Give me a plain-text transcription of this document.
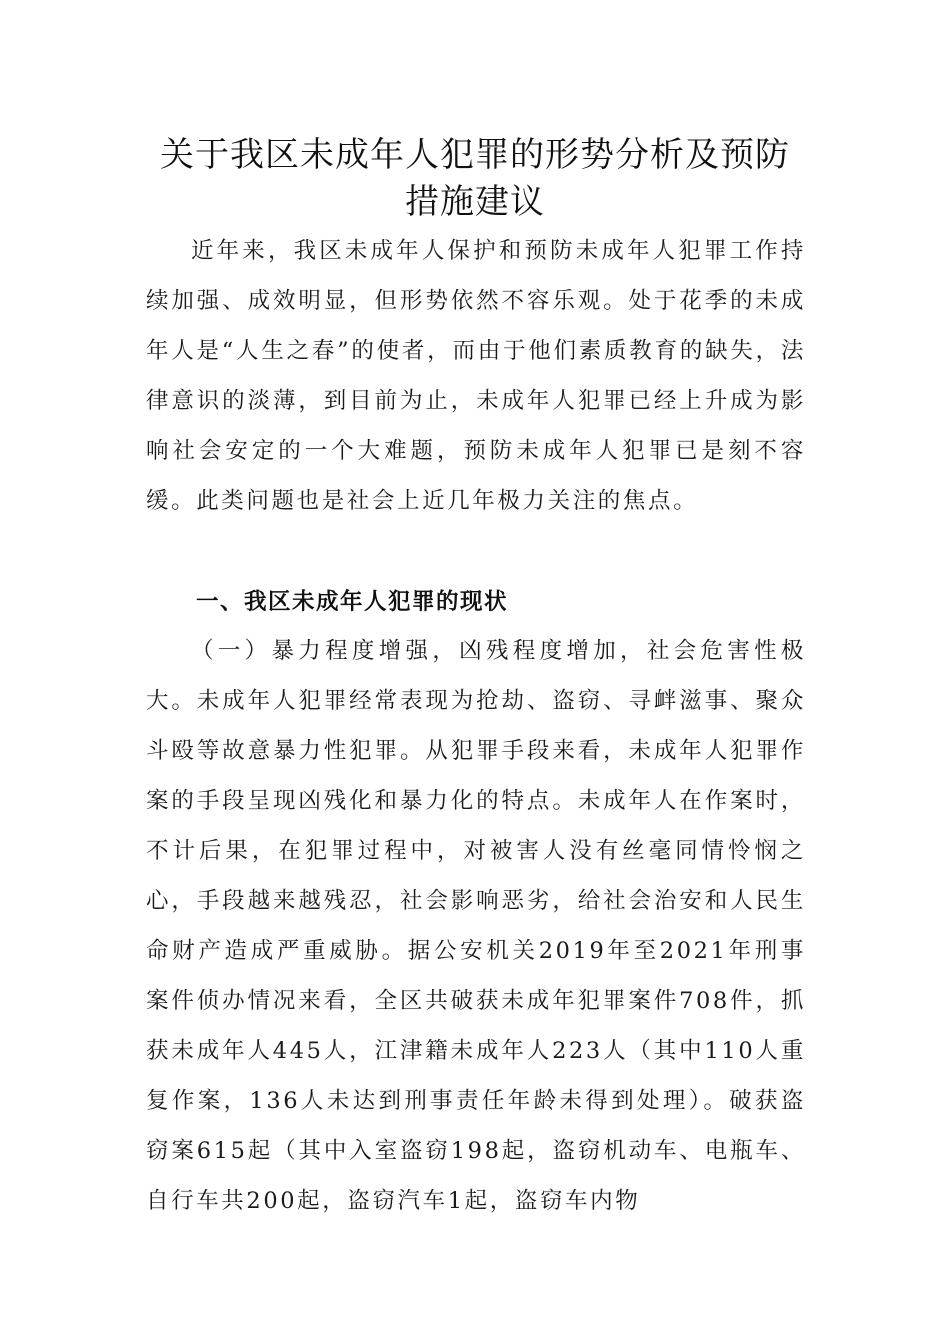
关于我区未成年人犯罪的形势分析及预防
措施建议

近年来，我区未成年人保护和预防未成年人犯罪工作持续加强、成效明显，但形势依然不容乐观。处于花季的未成年人是“人生之春”的使者，而由于他们素质教育的缺失，法律意识的淡薄，到目前为止，未成年人犯罪已经上升成为影响社会安定的一个大难题，预防未成年人犯罪已是刻不容缓。此类问题也是社会上近几年极力关注的焦点。

一、我区未成年人犯罪的现状

（一）暴力程度增强，凶残程度增加，社会危害性极大。未成年人犯罪经常表现为抢劫、盗窃、寻衅滋事、聚众斗殴等故意暴力性犯罪。从犯罪手段来看，未成年人犯罪作案的手段呈现凶残化和暴力化的特点。未成年人在作案时，不计后果，在犯罪过程中，对被害人没有丝毫同情怜悯之心，手段越来越残忍，社会影响恶劣，给社会治安和人民生命财产造成严重威胁。据公安机关2019年至2021年刑事案件侦办情况来看，全区共破获未成年犯罪案件708件，抓获未成年人445人，江津籍未成年人223人（其中110人重复作案，136人未达到刑事责任年龄未得到处理）。破获盗窃案615起（其中入室盗窃198起，盗窃机动车、电瓶车、自行车共200起，盗窃汽车1起，盗窃车内物
